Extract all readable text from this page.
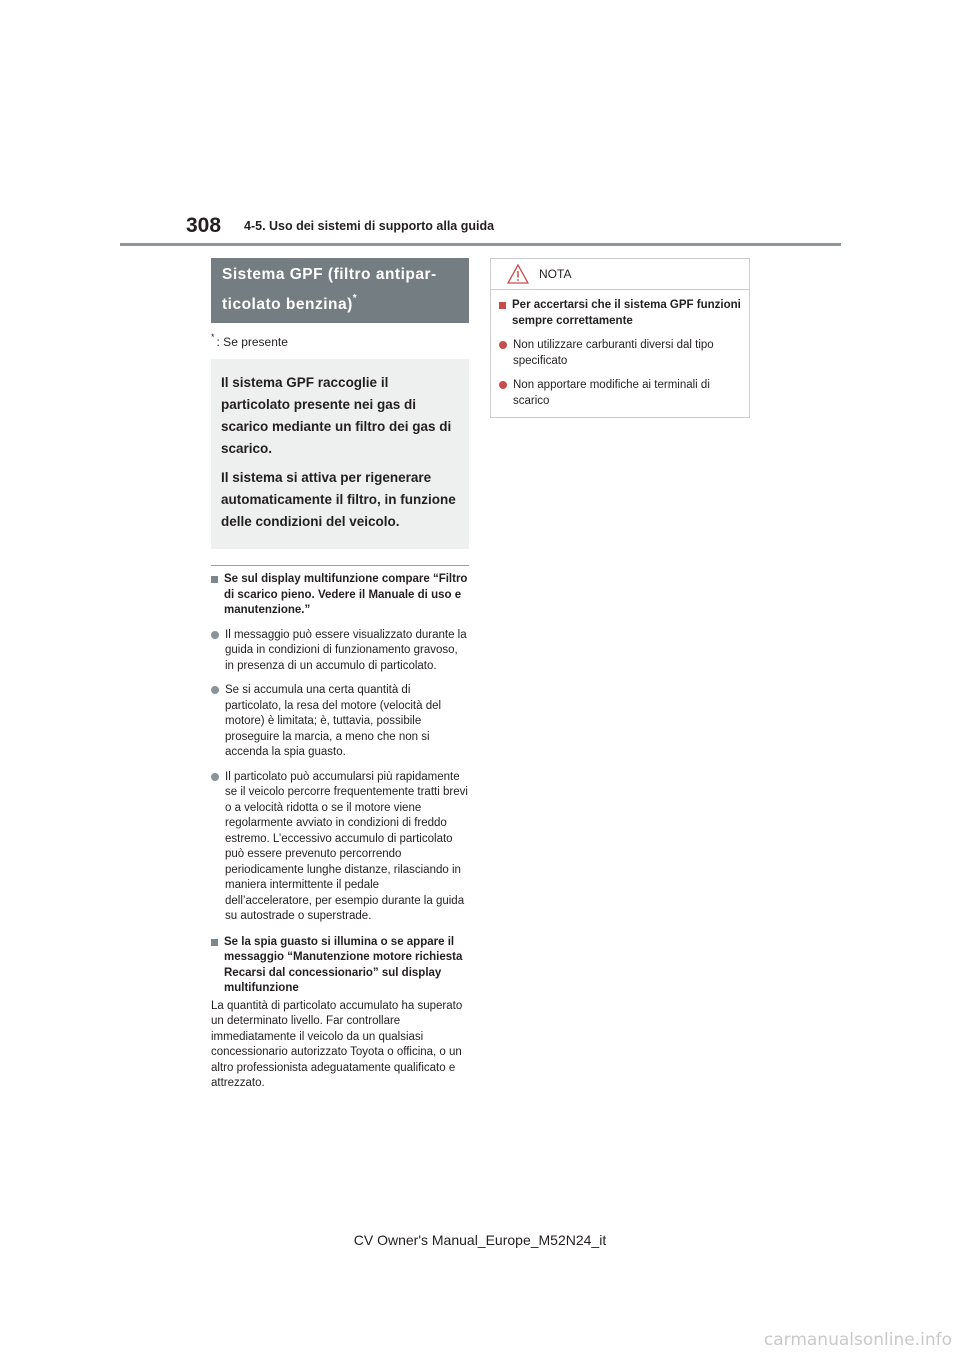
308 4-5. Uso dei sistemi di supporto alla guida
Sistema GPF (filtro antipar-
ticolato benzina)*
* : Se presente

Il sistema GPF raccoglie il particolato presente nei gas di scarico mediante un filtro dei gas di scarico.

Il sistema si attiva per rigenerare automaticamente il filtro, in funzione delle condizioni del veicolo.

Se sul display multifunzione compare “Filtro di scarico pieno. Vedere il Manuale di uso e manutenzione.”
Il messaggio può essere visualizzato durante la guida in condizioni di funzionamento gravoso, in presenza di un accumulo di particolato.
Se si accumula una certa quantità di particolato, la resa del motore (velocità del motore) è limitata; è, tuttavia, possibile proseguire la marcia, a meno che non si accenda la spia guasto.
Il particolato può accumularsi più rapidamente se il veicolo percorre frequentemente tratti brevi o a velocità ridotta o se il motore viene regolarmente avviato in condizioni di freddo estremo. L’eccessivo accumulo di particolato può essere prevenuto percorrendo periodicamente lunghe distanze, rilasciando in maniera intermittente il pedale dell’acceleratore, per esempio durante la guida su autostrade o superstrade.
Se la spia guasto si illumina o se appare il messaggio “Manutenzione motore richiesta Recarsi dal concessionario” sul display multifunzione
La quantità di particolato accumulato ha superato un determinato livello. Far controllare immediatamente il veicolo da un qualsiasi concessionario autorizzato Toyota o officina, o un altro professionista adeguatamente qualificato e attrezzato.
NOTA
Per accertarsi che il sistema GPF funzioni sempre correttamente
Non utilizzare carburanti diversi dal tipo specificato
Non apportare modifiche ai terminali di scarico
CV Owner's Manual_Europe_M52N24_it
carmanualsonline.info
